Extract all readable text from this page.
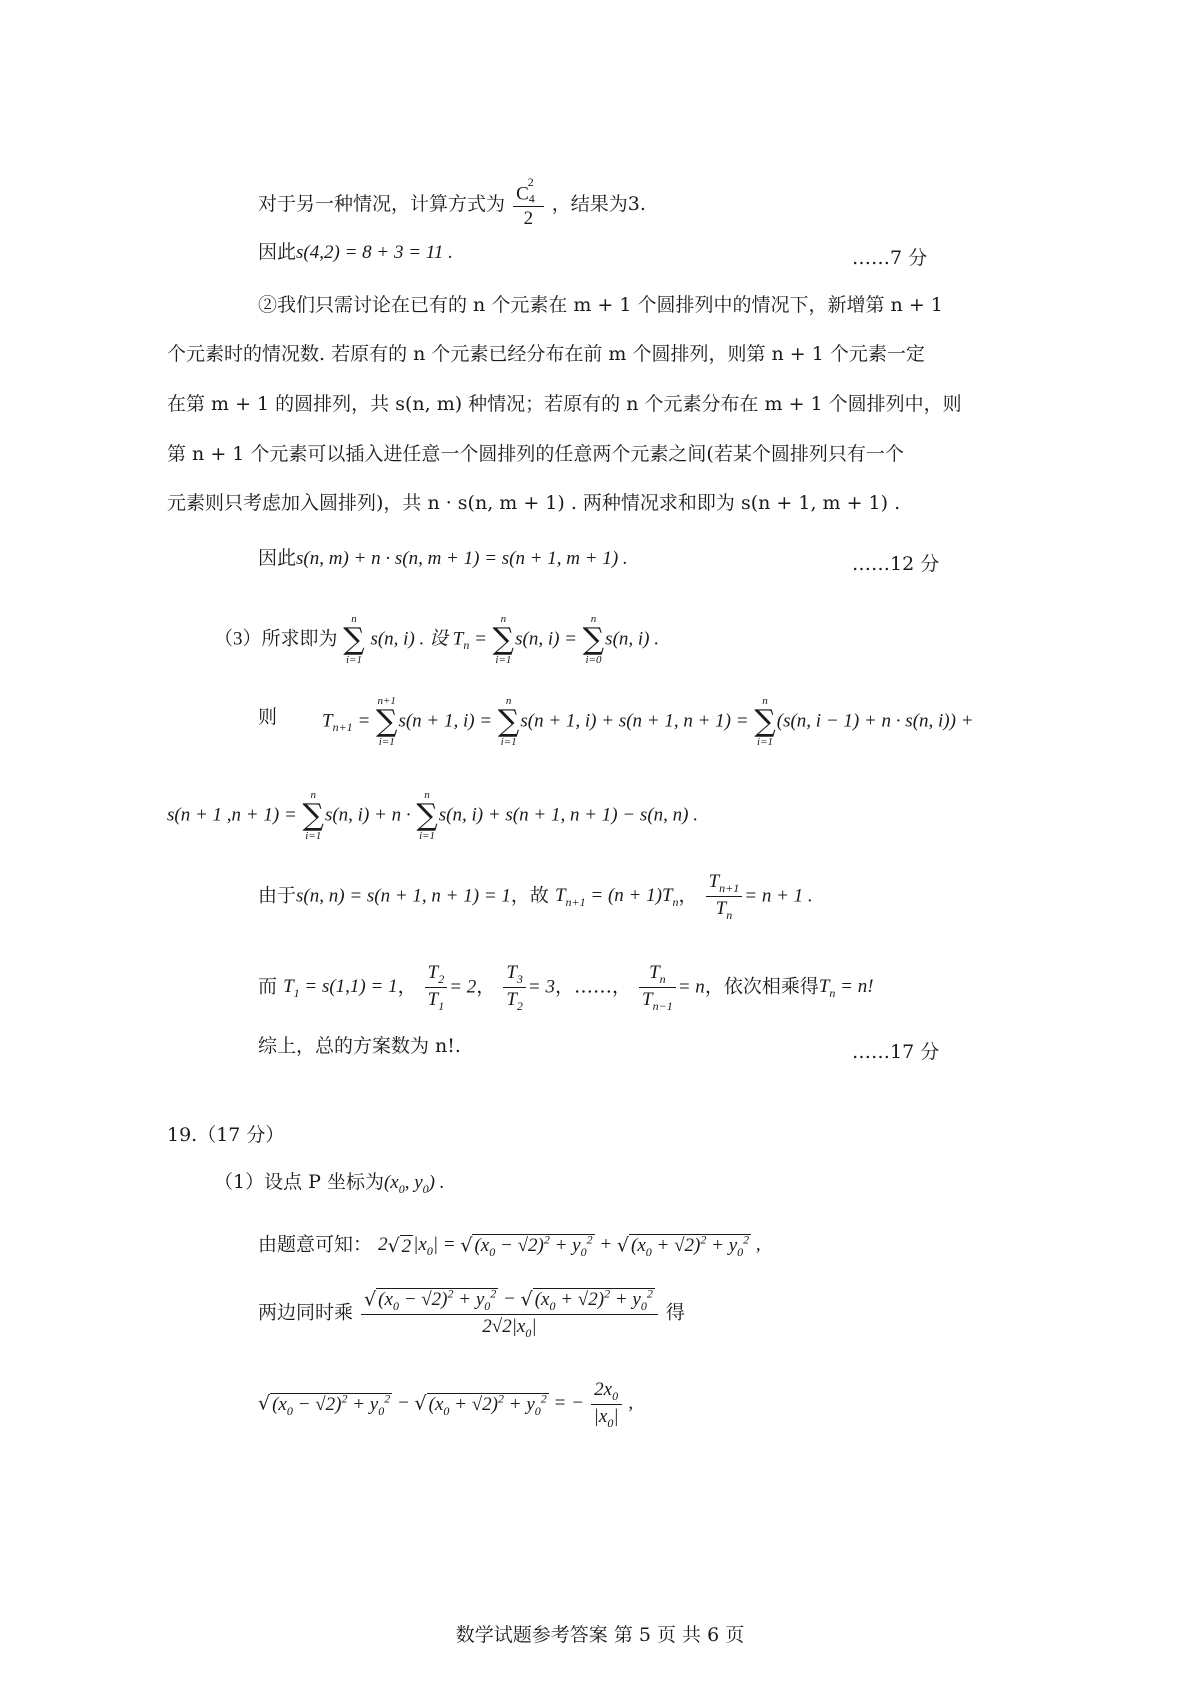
对于另一种情况，计算方式为 $\frac{C_4^2}{2}$ ，结果为3.
因此s(4,2) = 8 + 3 = 11 .	……7 分
②我们只需讨论在已有的 n 个元素在 m + 1 个圆排列中的情况下，新增第 n + 1
个元素时的情况数. 若原有的 n 个元素已经分布在前 m 个圆排列，则第 n + 1 个元素一定
在第 m + 1 的圆排列，共 s(n, m) 种情况；若原有的 n 个元素分布在 m + 1 个圆排列中，则
第 n + 1 个元素可以插入进任意一个圆排列的任意两个元素之间(若某个圆排列只有一个
元素则只考虑加入圆排列)，共 n · s(n, m + 1) . 两种情况求和即为 s(n + 1, m + 1) .
因此s(n, m) + n · s(n, m + 1) = s(n + 1, m + 1) .	……12 分
（3）所求即为
n
∑
i=1
s(n, i) . 设 $T_n$ =
n
∑
i=1
s(n, i) =
n
∑
i=0
s(n, i) .
则 $T_{n+1}$ =
n+1
∑
i=1
s(n + 1, i) =
n
∑
i=1
s(n + 1, i) + s(n + 1, n + 1) =
n
∑
i=1
(s(n, i − 1) + n · s(n, i)) +
s(n + 1 ,n + 1) =
n
∑
i=1
s(n, i) + n ·
n
∑
i=1
s(n, i) + s(n + 1, n + 1) − s(n, n) .
由于s(n, n) = s(n + 1, n + 1) = 1，故 $T_{n+1} = (n + 1)T_n$， $\frac{T_{n+1}}{T_n} = n + 1$ .
而 $T_1 = s(1,1) = 1$， $\frac{T_2}{T_1} = 2$， $\frac{T_3}{T_2} = 3$，……， $\frac{T_n}{T_{n-1}} = n$，依次相乘得$T_n = n$!
综上，总的方案数为 n!.	……17 分
19.（17 分）
（1）设点 P 坐标为($x_0$, $y_0$) .
由题意可知： 2√ 2 $|x_0|$ = √ $(x_0 - √2)^2 + y_0^2$ + √ $(x_0 + √2)^2 + y_0^2$ ,
两边同时乘 $\frac{√ (x_0 - √2)^2 + y_0^2 - √ (x_0 + √2)^2 + y_0^2}{2√2|x_0|}$ 得
√ $(x_0 - √2)^2 + y_0^2$ − √ $(x_0 + √2)^2 + y_0^2$ = − $\frac{2x_0}{|x_0|}$ ,
数学试题参考答案 第 5 页 共 6 页
